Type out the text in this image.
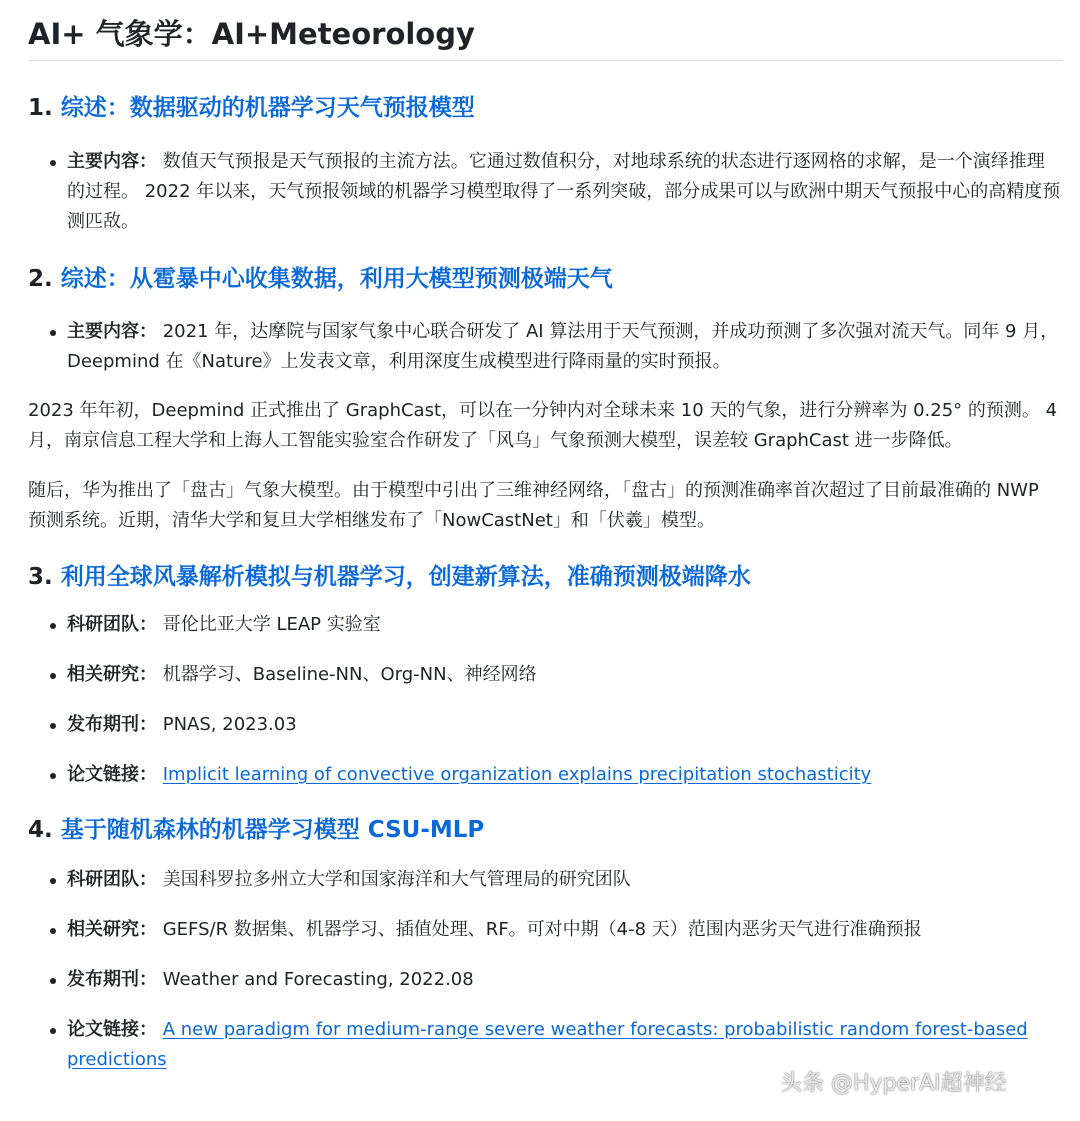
AI+ 气象学：AI+Meteorology
1. 综述：数据驱动的机器学习天气预报模型
主要内容： 数值天气预报是天气预报的主流方法。它通过数值积分，对地球系统的状态进行逐网格的求解，是一个演绎推理的过程。 2022 年以来，天气预报领域的机器学习模型取得了一系列突破，部分成果可以与欧洲中期天气预报中心的高精度预测匹敌。
2. 综述：从雹暴中心收集数据，利用大模型预测极端天气
主要内容： 2021 年，达摩院与国家气象中心联合研发了 AI 算法用于天气预测，并成功预测了多次强对流天气。同年 9 月，Deepmind 在《Nature》上发表文章，利用深度生成模型进行降雨量的实时预报。

2023 年年初，Deepmind 正式推出了 GraphCast，可以在一分钟内对全球未来 10 天的气象，进行分辨率为 0.25° 的预测。 4 月，南京信息工程大学和上海人工智能实验室合作研发了「风乌」气象预测大模型，误差较 GraphCast 进一步降低。

随后，华为推出了「盘古」气象大模型。由于模型中引出了三维神经网络，「盘古」的预测准确率首次超过了目前最准确的 NWP 预测系统。近期，清华大学和复旦大学相继发布了「NowCastNet」和「伏羲」模型。

3. 利用全球风暴解析模拟与机器学习，创建新算法，准确预测极端降水
科研团队： 哥伦比亚大学 LEAP 实验室
相关研究： 机器学习、Baseline-NN、Org-NN、神经网络
发布期刊： PNAS, 2023.03
论文链接： Implicit learning of convective organization explains precipitation stochasticity
4. 基于随机森林的机器学习模型 CSU-MLP
科研团队： 美国科罗拉多州立大学和国家海洋和大气管理局的研究团队
相关研究： GEFS/R 数据集、机器学习、插值处理、RF。可对中期（4-8 天）范围内恶劣天气进行准确预报
发布期刊： Weather and Forecasting, 2022.08
论文链接： A new paradigm for medium-range severe weather forecasts: probabilistic random forest-based predictions
头条 @HyperAI超神经
